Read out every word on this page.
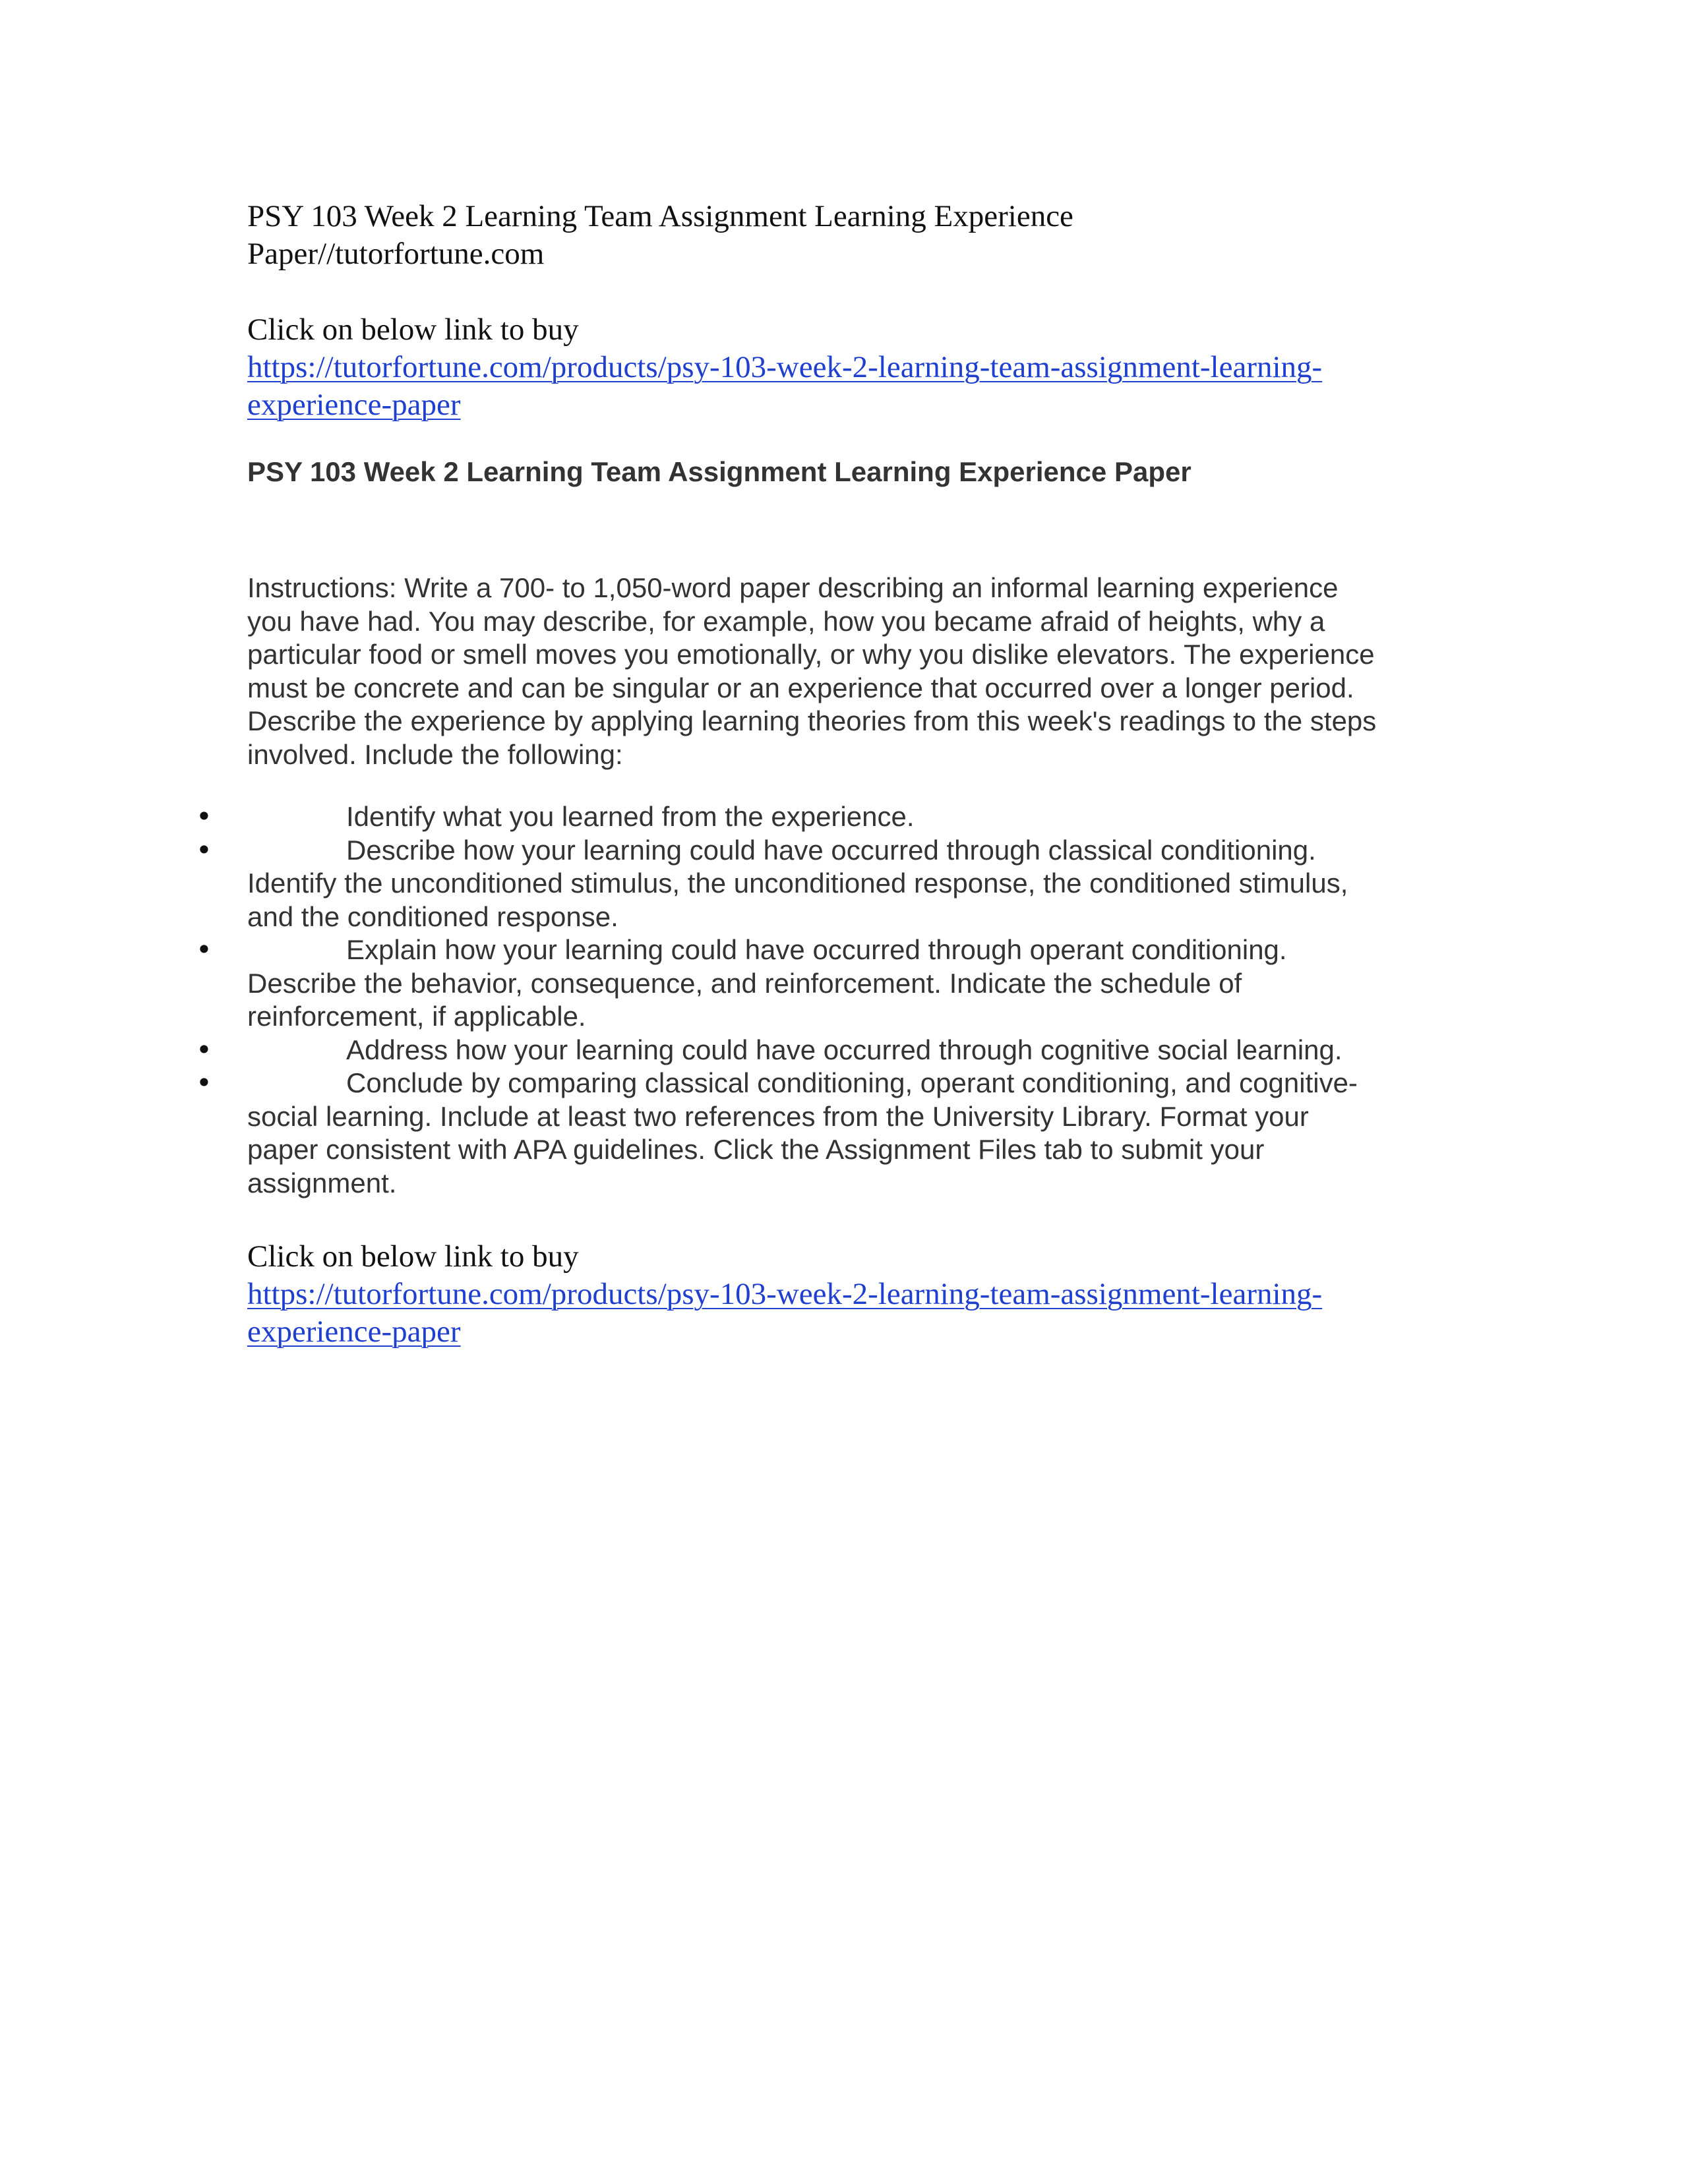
PSY 103 Week 2 Learning Team Assignment Learning Experience
Paper//tutorfortune.com
Click on below link to buy
https://tutorfortune.com/products/psy-103-week-2-learning-team-assignment-learning-
experience-paper
PSY 103 Week 2 Learning Team Assignment Learning Experience Paper

Instructions: Write a 700- to 1,050-word paper describing an informal learning experience
you have had. You may describe, for example, how you became afraid of heights, why a
particular food or smell moves you emotionally, or why you dislike elevators. The experience
must be concrete and can be singular or an experience that occurred over a longer period.
Describe the experience by applying learning theories from this week's readings to the steps
involved. Include the following:

•	Identify what you learned from the experience.
•	Describe how your learning could have occurred through classical conditioning.
Identify the unconditioned stimulus, the unconditioned response, the conditioned stimulus,
and the conditioned response.
•	Explain how your learning could have occurred through operant conditioning.
Describe the behavior, consequence, and reinforcement. Indicate the schedule of
reinforcement, if applicable.
•	Address how your learning could have occurred through cognitive social learning.
•	Conclude by comparing classical conditioning, operant conditioning, and cognitive-
social learning. Include at least two references from the University Library. Format your
paper consistent with APA guidelines. Click the Assignment Files tab to submit your
assignment.
Click on below link to buy
https://tutorfortune.com/products/psy-103-week-2-learning-team-assignment-learning-
experience-paper
